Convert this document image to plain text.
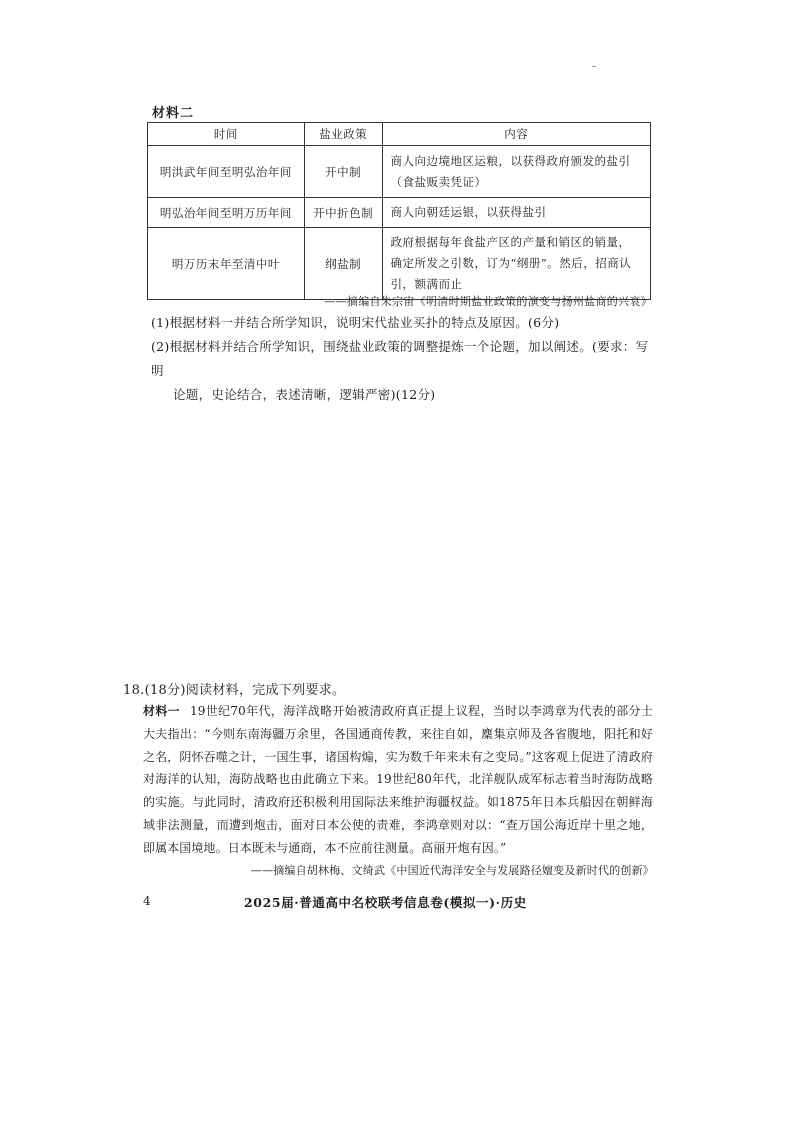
材料二
时间	盐业政策	内容
明洪武年间至明弘治年间	开中制	商人向边境地区运粮，以获得政府颁发的盐引（食盐贩卖凭证）
明弘治年间至明万历年间	开中折色制	商人向朝廷运银，以获得盐引
明万历末年至清中叶	纲盐制	政府根据每年食盐产区的产量和销区的销量，确定所发之引数，订为“纲册”。然后，招商认引，额满而止
——摘编自朱宗宙《明清时期盐业政策的演变与扬州盐商的兴衰》
(1)根据材料一并结合所学知识，说明宋代盐业买扑的特点及原因。(6分)
(2)根据材料并结合所学知识，围绕盐业政策的调整提炼一个论题，加以阐述。(要求：写明
论题，史论结合，表述清晰，逻辑严密)(12分)
18.(18分)阅读材料，完成下列要求。
材料一 19世纪70年代，海洋战略开始被清政府真正提上议程，当时以李鸿章为代表的部分士大夫指出：“今则东南海疆万余里，各国通商传教，来往自如，麇集京师及各省腹地，阳托和好之名，阴怀吞噬之计，一国生事，诸国构煽，实为数千年来未有之变局。”这客观上促进了清政府对海洋的认知，海防战略也由此确立下来。19世纪80年代，北洋舰队成军标志着当时海防战略的实施。与此同时，清政府还积极利用国际法来维护海疆权益。如1875年日本兵船因在朝鲜海域非法测量，而遭到炮击，面对日本公使的责难，李鸿章则对以：“查万国公海近岸十里之地，即属本国境地。日本既未与通商，本不应前往测量。高丽开炮有因。”
——摘编自胡林梅、文绮武《中国近代海洋安全与发展路径嬗变及新时代的创新》
4	2025届·普通高中名校联考信息卷(模拟一)·历史
